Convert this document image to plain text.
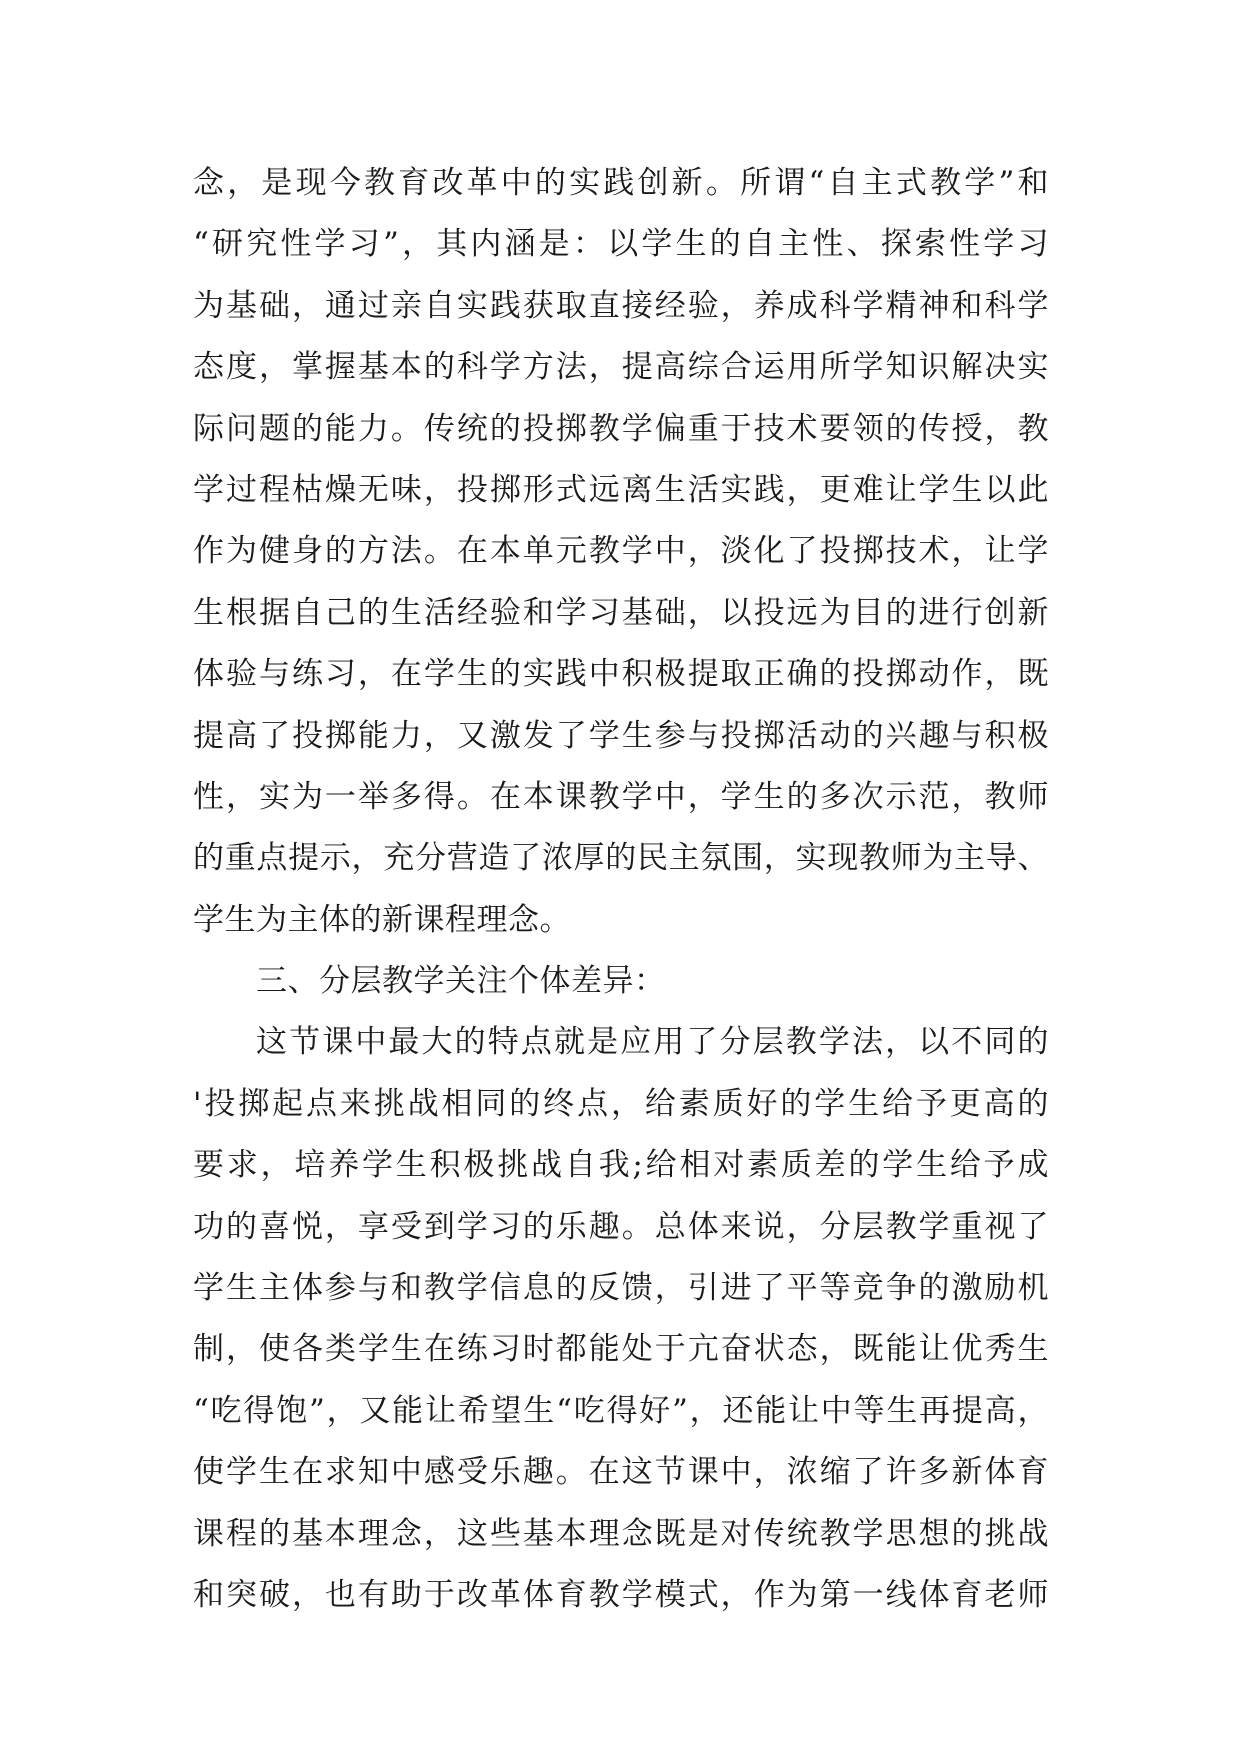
念，是现今教育改革中的实践创新。所谓“自主式教学”和
“研究性学习”，其内涵是：以学生的自主性、探索性学习
为基础，通过亲自实践获取直接经验，养成科学精神和科学
态度，掌握基本的科学方法，提高综合运用所学知识解决实
际问题的能力。传统的投掷教学偏重于技术要领的传授，教
学过程枯燥无味，投掷形式远离生活实践，更难让学生以此
作为健身的方法。在本单元教学中，淡化了投掷技术，让学
生根据自己的生活经验和学习基础，以投远为目的进行创新
体验与练习，在学生的实践中积极提取正确的投掷动作，既
提高了投掷能力，又激发了学生参与投掷活动的兴趣与积极
性，实为一举多得。在本课教学中，学生的多次示范，教师
的重点提示，充分营造了浓厚的民主氛围，实现教师为主导、
学生为主体的新课程理念。
三、分层教学关注个体差异：
这节课中最大的特点就是应用了分层教学法，以不同的
'投掷起点来挑战相同的终点，给素质好的学生给予更高的
要求，培养学生积极挑战自我;给相对素质差的学生给予成
功的喜悦，享受到学习的乐趣。总体来说，分层教学重视了
学生主体参与和教学信息的反馈，引进了平等竞争的激励机
制，使各类学生在练习时都能处于亢奋状态，既能让优秀生
“吃得饱”，又能让希望生“吃得好”，还能让中等生再提高，
使学生在求知中感受乐趣。在这节课中，浓缩了许多新体育
课程的基本理念，这些基本理念既是对传统教学思想的挑战
和突破，也有助于改革体育教学模式，作为第一线体育老师
